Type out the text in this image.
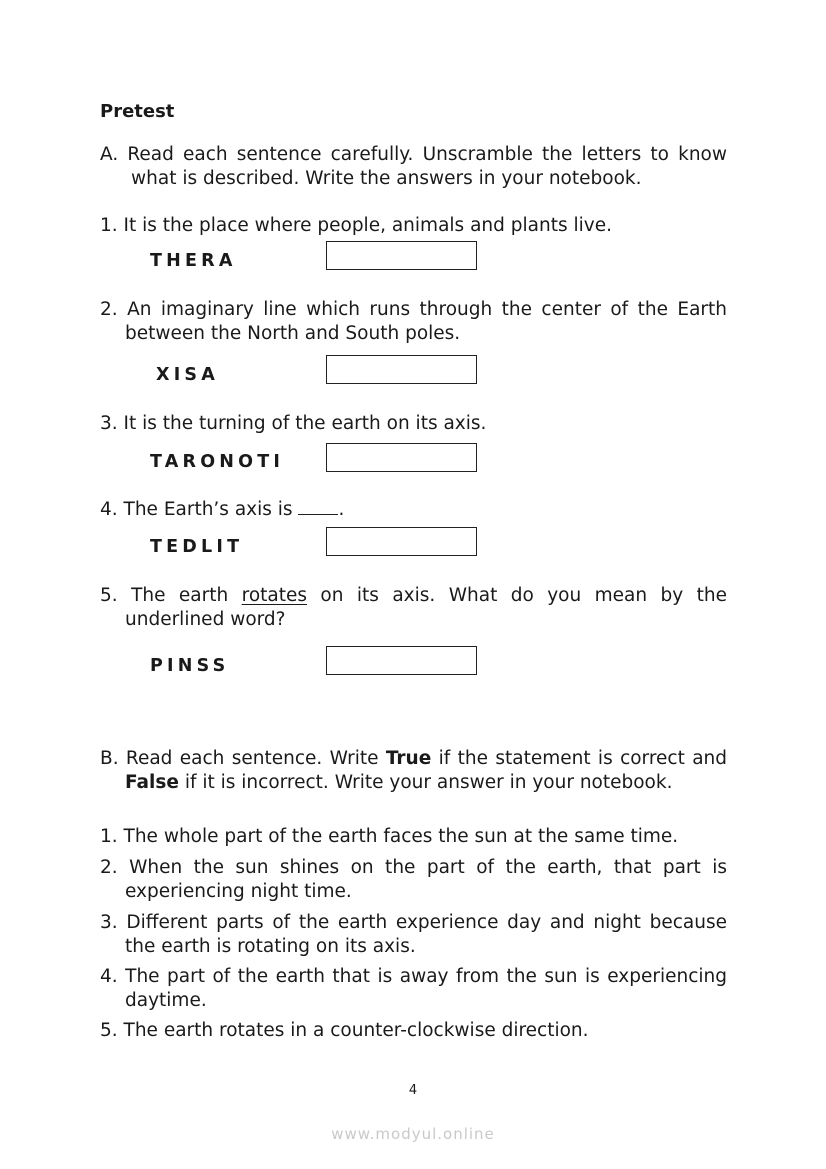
Pretest
A. Read each sentence carefully. Unscramble the letters to know
what is described. Write the answers in your notebook.
1. It is the place where people, animals and plants live.
THERA
2. An imaginary line which runs through the center of the Earth
between the North and South poles.
XISA
3. It is the turning of the earth on its axis.
TARONOTI
4. The Earth’s axis is .
TEDLIT
5. The earth rotates on its axis. What do you mean by the
underlined word?
PINSS
B. Read each sentence. Write True if the statement is correct and
False if it is incorrect. Write your answer in your notebook.
1. The whole part of the earth faces the sun at the same time.
2. When the sun shines on the part of the earth, that part is
experiencing night time.
3. Different parts of the earth experience day and night because
the earth is rotating on its axis.
4. The part of the earth that is away from the sun is experiencing
daytime.
5. The earth rotates in a counter-clockwise direction.
4
www.modyul.online
